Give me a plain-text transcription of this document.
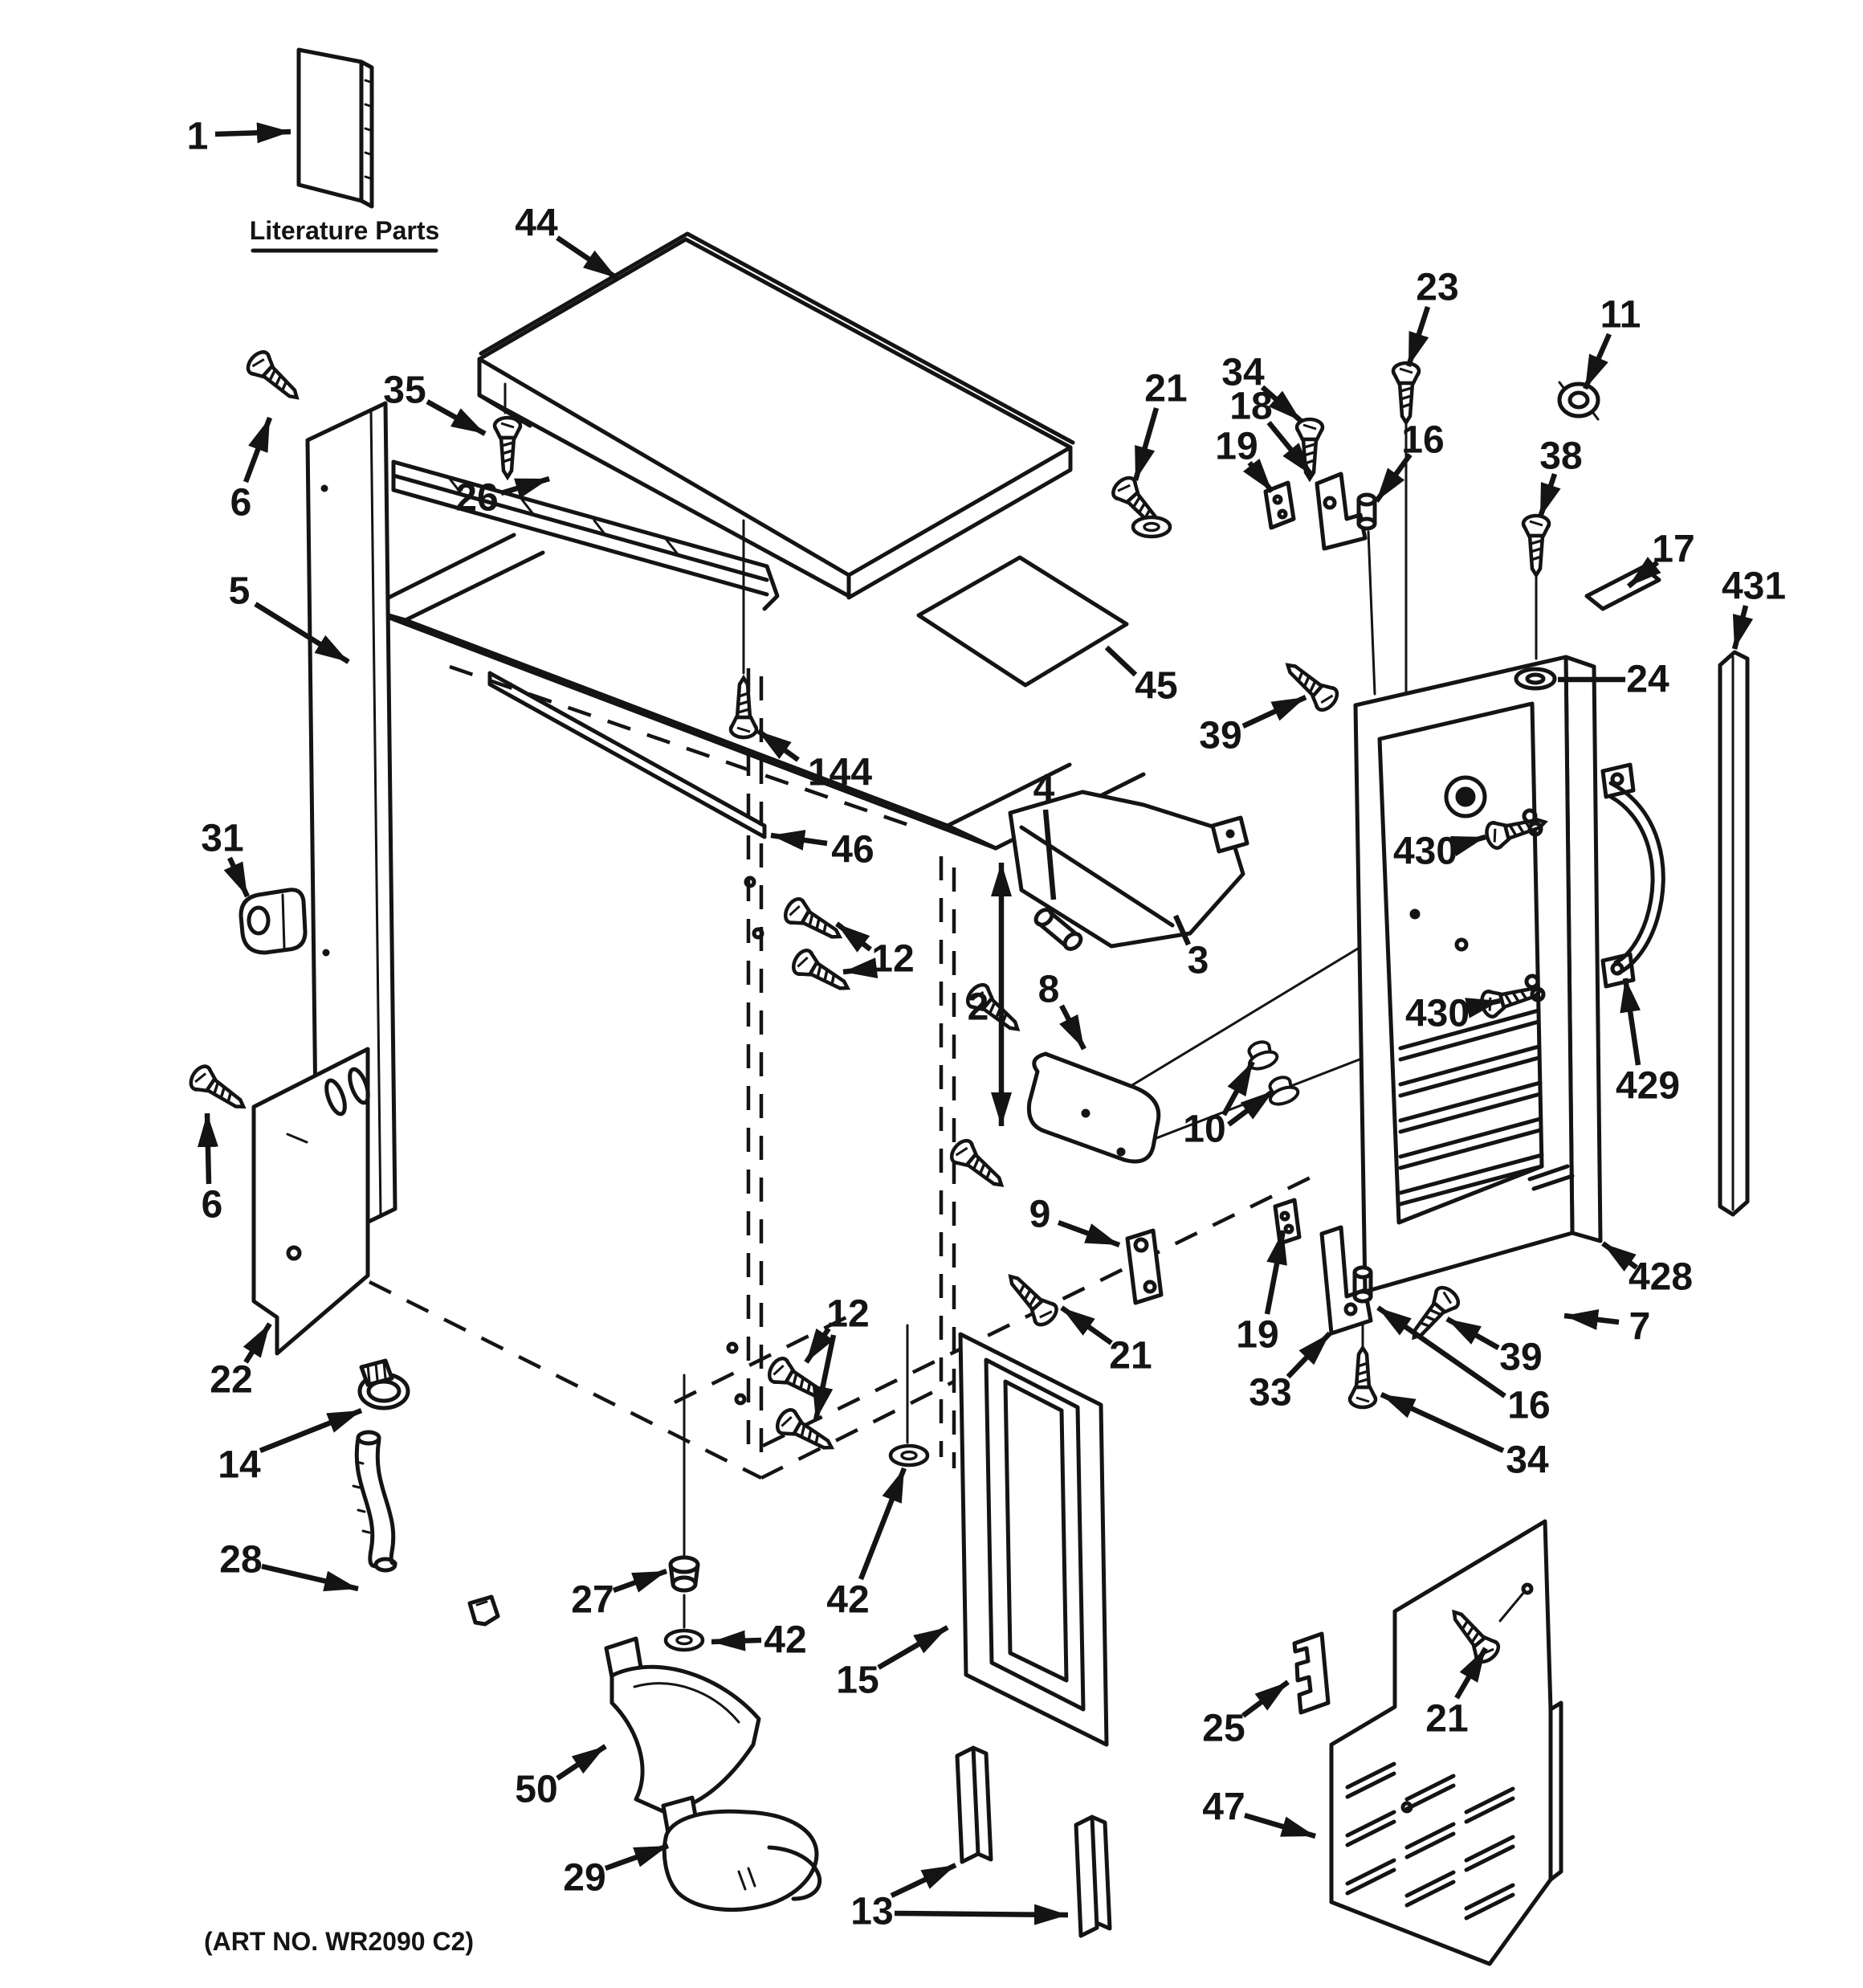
Literature Parts
(ART NO. WR2090 C2)
1
44
35
26
6
5
31
21
45
144
46
12
2
4
3
8
9
10
39
430
430
429
428
7
23
11
34
18
19	16 38
17
431
24
21 19
33
39
16
34
22
6
14
28
27
42
42
12
15
13
50
29
25
47
21
